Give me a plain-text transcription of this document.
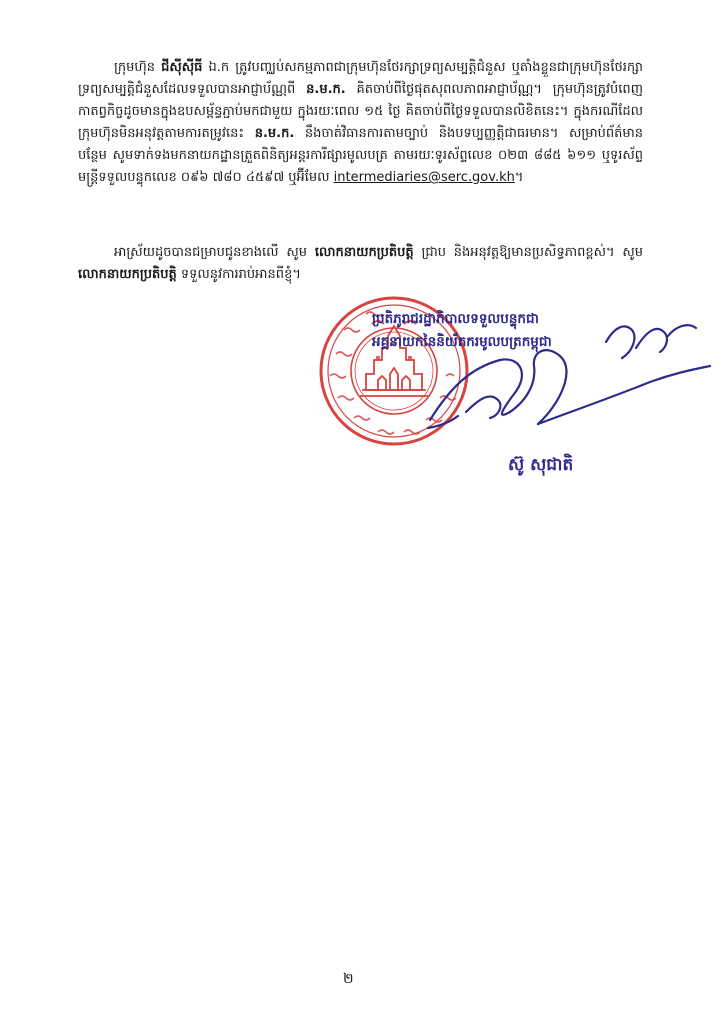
ក្រុមហ៊ុន ជីស៊ីស៊ីធី ឯ.ក ត្រូវបញ្ឈប់សកម្មភាពជាក្រុមហ៊ុនថែរក្សាទ្រព្យសម្បត្តិជំនួស ឬតាំងខ្លួនជាក្រុមហ៊ុនថែរក្សាទ្រព្យសម្បត្តិជំនួសដែលទទួលបានអាជ្ញាប័ណ្ណពី ន.ម.ក. គិតចាប់ពីថ្ងៃផុតសុពលភាពអាជ្ញាប័ណ្ណ។ ក្រុមហ៊ុនត្រូវបំពេញកាតព្វកិច្ចដូចមានក្នុងឧបសម្ព័ន្ធភ្ជាប់មកជាមួយ ក្នុងរយៈពេល ១៥ ថ្ងៃ គិតចាប់ពីថ្ងៃទទួលបានលិខិតនេះ។ ក្នុងករណីដែលក្រុមហ៊ុនមិនអនុវត្តតាមការតម្រូវនេះ ន.ម.ក. នឹងចាត់វិធានការតាមច្បាប់ និងបទប្បញ្ញត្តិជាធរមាន។ សម្រាប់ព័ត៌មានបន្ថែម សូមទាក់ទងមកនាយកដ្ឋានត្រួតពិនិត្យអន្តរការីផ្សារមូលបត្រ តាមរយៈទូរស័ព្ទលេខ ០២៣ ៨៨៥ ៦១១ ឬទូរស័ព្ទមន្ត្រីទទួលបន្ទុកលេខ ០៩៦ ៧៨០ ៤៥៩៧ ឬអ៊ីមែល intermediaries@serc.gov.kh។

អាស្រ័យដូចបានជម្រាបជូនខាងលើ សូម លោកនាយកប្រតិបត្តិ ជ្រាប និងអនុវត្តឱ្យមានប្រសិទ្ធភាពខ្ពស់។ សូម លោកនាយកប្រតិបត្តិ ទទួលនូវការរាប់អានពីខ្ញុំ។

ប្រតិភូរាជរដ្ឋាភិបាលទទួលបន្ទុកជា
អគ្គនាយកនៃនិយ័តករមូលបត្រកម្ពុជា
ស៊ូ សុជាតិ
២
